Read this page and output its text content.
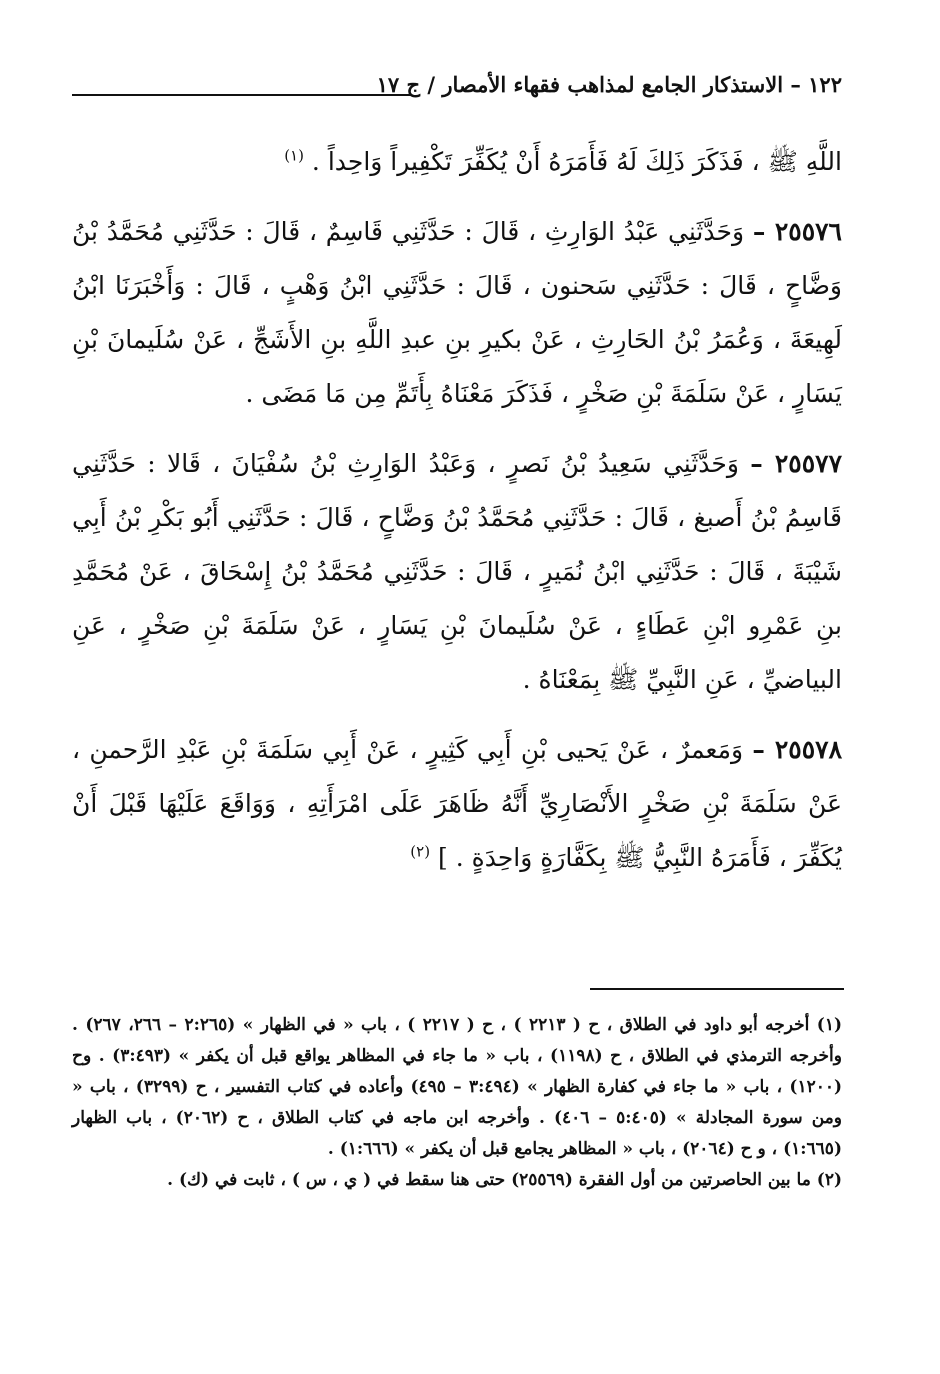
١٢٢ – الاستذكار الجامع لمذاهب فقهاء الأمصار / ج ١٧

اللَّهِ ﷺ ، فَذَكَرَ ذَلِكَ لَهُ فَأَمَرَهُ أَنْ يُكَفِّرَ تَكْفِيراً وَاحِداً . $^{(١)}$

٢٥٥٧٦ – وَحَدَّثَنِي عَبْدُ الوَارِثِ ، قَالَ : حَدَّثَنِي قَاسِمٌ ، قَالَ : حَدَّثَنِي مُحَمَّدُ بْنُ وَضَّاحٍ ، قَالَ : حَدَّثَنِي سَحنون ، قَالَ : حَدَّثَنِي ابْنُ وَهْبٍ ، قَالَ : وَأَخْبَرَنَا ابْنُ لَهِيعَةَ ، وَعُمَرُ بْنُ الحَارِثِ ، عَنْ بكيرِ بنِ عبدِ اللَّهِ بنِ الأَشَجِّ ، عَنْ سُلَيمانَ بْنِ يَسَارٍ ، عَنْ سَلَمَةَ بْنِ صَخْرٍ ، فَذَكَرَ مَعْنَاهُ بِأَتَمِّ مِن مَا مَضَى .

٢٥٥٧٧ – وَحَدَّثَنِي سَعِيدُ بْنُ نَصرٍ ، وَعَبْدُ الوَارِثِ بْنُ سُفْيَانَ ، قَالا : حَدَّثَنِي قَاسِمُ بْنُ أَصبغ ، قَالَ : حَدَّثَنِي مُحَمَّدُ بْنُ وَضَّاحٍ ، قَالَ : حَدَّثَنِي أَبُو بَكْرِ بْنُ أَبِي شَيْبَةَ ، قَالَ : حَدَّثَنِي ابْنُ نُمَيرٍ ، قَالَ : حَدَّثَنِي مُحَمَّدُ بْنُ إِسْحَاقَ ، عَنْ مُحَمَّدِ بنِ عَمْرِو ابْنِ عَطَاءٍ ، عَنْ سُلَيمانَ بْنِ يَسَارٍ ، عَنْ سَلَمَةَ بْنِ صَخْرٍ ، عَنِ البياضيِّ ، عَنِ النَّبِيِّ ﷺ بِمَعْنَاهُ .

٢٥٥٧٨ – وَمَعمرٌ ، عَنْ يَحيى بْنِ أَبِي كَثِيرٍ ، عَنْ أَبِي سَلَمَةَ بْنِ عَبْدِ الرَّحمنِ ، عَنْ سَلَمَةَ بْنِ صَخْرٍ الأَنْصَارِيِّ أَنَّهُ ظَاهَرَ عَلَى امْرَأَتِهِ ، وَوَاقَعَ عَلَيْهَا قَبْلَ أَنْ يُكَفِّرَ ، فَأَمَرَهُ النَّبِيُّ ﷺ بِكَفَّارَةٍ وَاحِدَةٍ . ] $^{(٢)}$

(١) أخرجه أبو داود في الطلاق ، ح ( ٢٢١٣ ) ، ح ( ٢٢١٧ ) ، باب « في الظهار » (٢:٢٦٥ – ٢٦٦، ٢٦٧) . وأخرجه الترمذي في الطلاق ، ح (١١٩٨) ، باب « ما جاء في المظاهر يواقع قبل أن يكفر » (٣:٤٩٣) . وح (١٢٠٠) ، باب « ما جاء في كفارة الظهار » (٣:٤٩٤ – ٤٩٥) وأعاده في كتاب التفسير ، ح (٣٢٩٩) ، باب « ومن سورة المجادلة » (٥:٤٠٥ – ٤٠٦) . وأخرجه ابن ماجه في كتاب الطلاق ، ح (٢٠٦٢) ، باب الظهار (١:٦٦٥) ، و ح (٢٠٦٤) ، باب « المظاهر يجامع قبل أن يكفر » (١:٦٦٦) .

(٢) ما بين الحاصرتين من أول الفقرة (٢٥٥٦٩) حتى هنا سقط في ( ي ، س ) ، ثابت في (ك) .
